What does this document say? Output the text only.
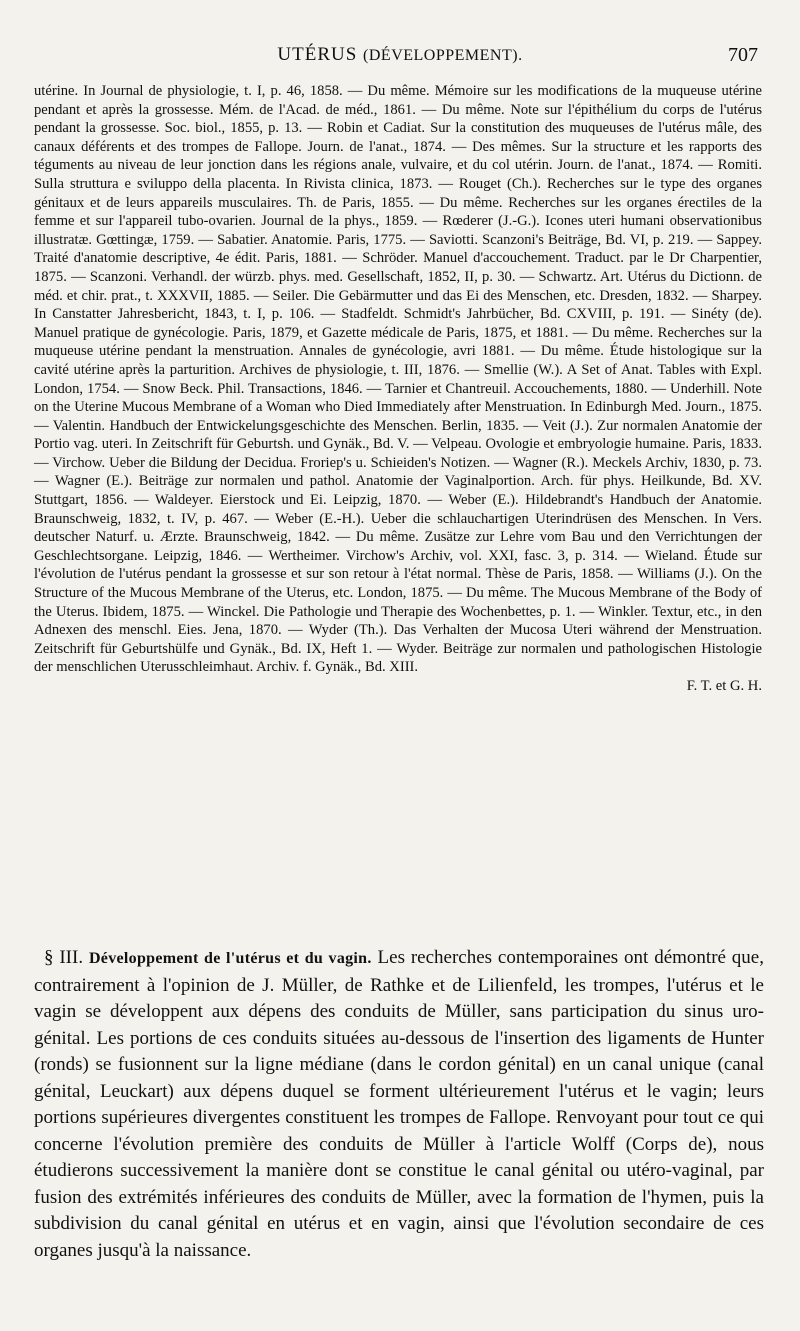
UTÉRUS (DÉVELOPPEMENT).	707

utérine. In Journal de physiologie, t. I, p. 46, 1858. — Du même. Mémoire sur les modifications de la muqueuse utérine pendant et après la grossesse. Mém. de l'Acad. de méd., 1861. — Du même. Note sur l'épithélium du corps de l'utérus pendant la grossesse. Soc. biol., 1855, p. 13. — Robin et Cadiat. Sur la constitution des muqueuses de l'utérus mâle, des canaux déférents et des trompes de Fallope. Journ. de l'anat., 1874. — Des mêmes. Sur la structure et les rapports des téguments au niveau de leur jonction dans les régions anale, vulvaire, et du col utérin. Journ. de l'anat., 1874. — Romiti. Sulla struttura e sviluppo della placenta. In Rivista clinica, 1873. — Rouget (Ch.). Recherches sur le type des organes génitaux et de leurs appareils musculaires. Th. de Paris, 1855. — Du même. Recherches sur les organes érectiles de la femme et sur l'appareil tubo-ovarien. Journal de la phys., 1859. — Rœderer (J.-G.). Icones uteri humani observationibus illustratæ. Gœttingæ, 1759. — Sabatier. Anatomie. Paris, 1775. — Saviotti. Scanzoni's Beiträge, Bd. VI, p. 219. — Sappey. Traité d'anatomie descriptive, 4e édit. Paris, 1881. — Schröder. Manuel d'accouchement. Traduct. par le Dr Charpentier, 1875. — Scanzoni. Verhandl. der würzb. phys. med. Gesellschaft, 1852, II, p. 30. — Schwartz. Art. Utérus du Dictionn. de méd. et chir. prat., t. XXXVII, 1885. — Seiler. Die Gebärmutter und das Ei des Menschen, etc. Dresden, 1832. — Sharpey. In Canstatter Jahresbericht, 1843, t. I, p. 106. — Stadfeldt. Schmidt's Jahrbücher, Bd. CXVIII, p. 191. — Sinéty (de). Manuel pratique de gynécologie. Paris, 1879, et Gazette médicale de Paris, 1875, et 1881. — Du même. Recherches sur la muqueuse utérine pendant la menstruation. Annales de gynécologie, avri 1881. — Du même. Étude histologique sur la cavité utérine après la parturition. Archives de physiologie, t. III, 1876. — Smellie (W.). A Set of Anat. Tables with Expl. London, 1754. — Snow Beck. Phil. Transactions, 1846. — Tarnier et Chantreuil. Accouchements, 1880. — Underhill. Note on the Uterine Mucous Membrane of a Woman who Died Immediately after Menstruation. In Edinburgh Med. Journ., 1875. — Valentin. Handbuch der Entwickelungsgeschichte des Menschen. Berlin, 1835. — Veit (J.). Zur normalen Anatomie der Portio vag. uteri. In Zeitschrift für Geburtsh. und Gynäk., Bd. V. — Velpeau. Ovologie et embryologie humaine. Paris, 1833. — Virchow. Ueber die Bildung der Decidua. Froriep's u. Schieiden's Notizen. — Wagner (R.). Meckels Archiv, 1830, p. 73. — Wagner (E.). Beiträge zur normalen und pathol. Anatomie der Vaginalportion. Arch. für phys. Heilkunde, Bd. XV. Stuttgart, 1856. — Waldeyer. Eierstock und Ei. Leipzig, 1870. — Weber (E.). Hildebrandt's Handbuch der Anatomie. Braunschweig, 1832, t. IV, p. 467. — Weber (E.-H.). Ueber die schlauchartigen Uterindrüsen des Menschen. In Vers. deutscher Naturf. u. Ærzte. Braunschweig, 1842. — Du même. Zusätze zur Lehre vom Bau und den Verrichtungen der Geschlechtsorgane. Leipzig, 1846. — Wertheimer. Virchow's Archiv, vol. XXI, fasc. 3, p. 314. — Wieland. Étude sur l'évolution de l'utérus pendant la grossesse et sur son retour à l'état normal. Thèse de Paris, 1858. — Williams (J.). On the Structure of the Mucous Membrane of the Uterus, etc. London, 1875. — Du même. The Mucous Membrane of the Body of the Uterus. Ibidem, 1875. — Winckel. Die Pathologie und Therapie des Wochenbettes, p. 1. — Winkler. Textur, etc., in den Adnexen des menschl. Eies. Jena, 1870. — Wyder (Th.). Das Verhalten der Mucosa Uteri während der Menstruation. Zeitschrift für Geburtshülfe und Gynäk., Bd. IX, Heft 1. — Wyder. Beiträge zur normalen und pathologischen Histologie der menschlichen Uterusschleimhaut. Archiv. f. Gynäk., Bd. XIII.

F. T. et G. H.

§ III. Développement de l'utérus et du vagin. Les recherches contemporaines ont démontré que, contrairement à l'opinion de J. Müller, de Rathke et de Lilienfeld, les trompes, l'utérus et le vagin se développent aux dépens des conduits de Müller, sans participation du sinus uro-génital. Les portions de ces conduits situées au-dessous de l'insertion des ligaments de Hunter (ronds) se fusionnent sur la ligne médiane (dans le cordon génital) en un canal unique (canal génital, Leuckart) aux dépens duquel se forment ultérieurement l'utérus et le vagin; leurs portions supérieures divergentes constituent les trompes de Fallope. Renvoyant pour tout ce qui concerne l'évolution première des conduits de Müller à l'article Wolff (Corps de), nous étudierons successivement la manière dont se constitue le canal génital ou utéro-vaginal, par fusion des extrémités inférieures des conduits de Müller, avec la formation de l'hymen, puis la subdivision du canal génital en utérus et en vagin, ainsi que l'évolution secondaire de ces organes jusqu'à la naissance.
